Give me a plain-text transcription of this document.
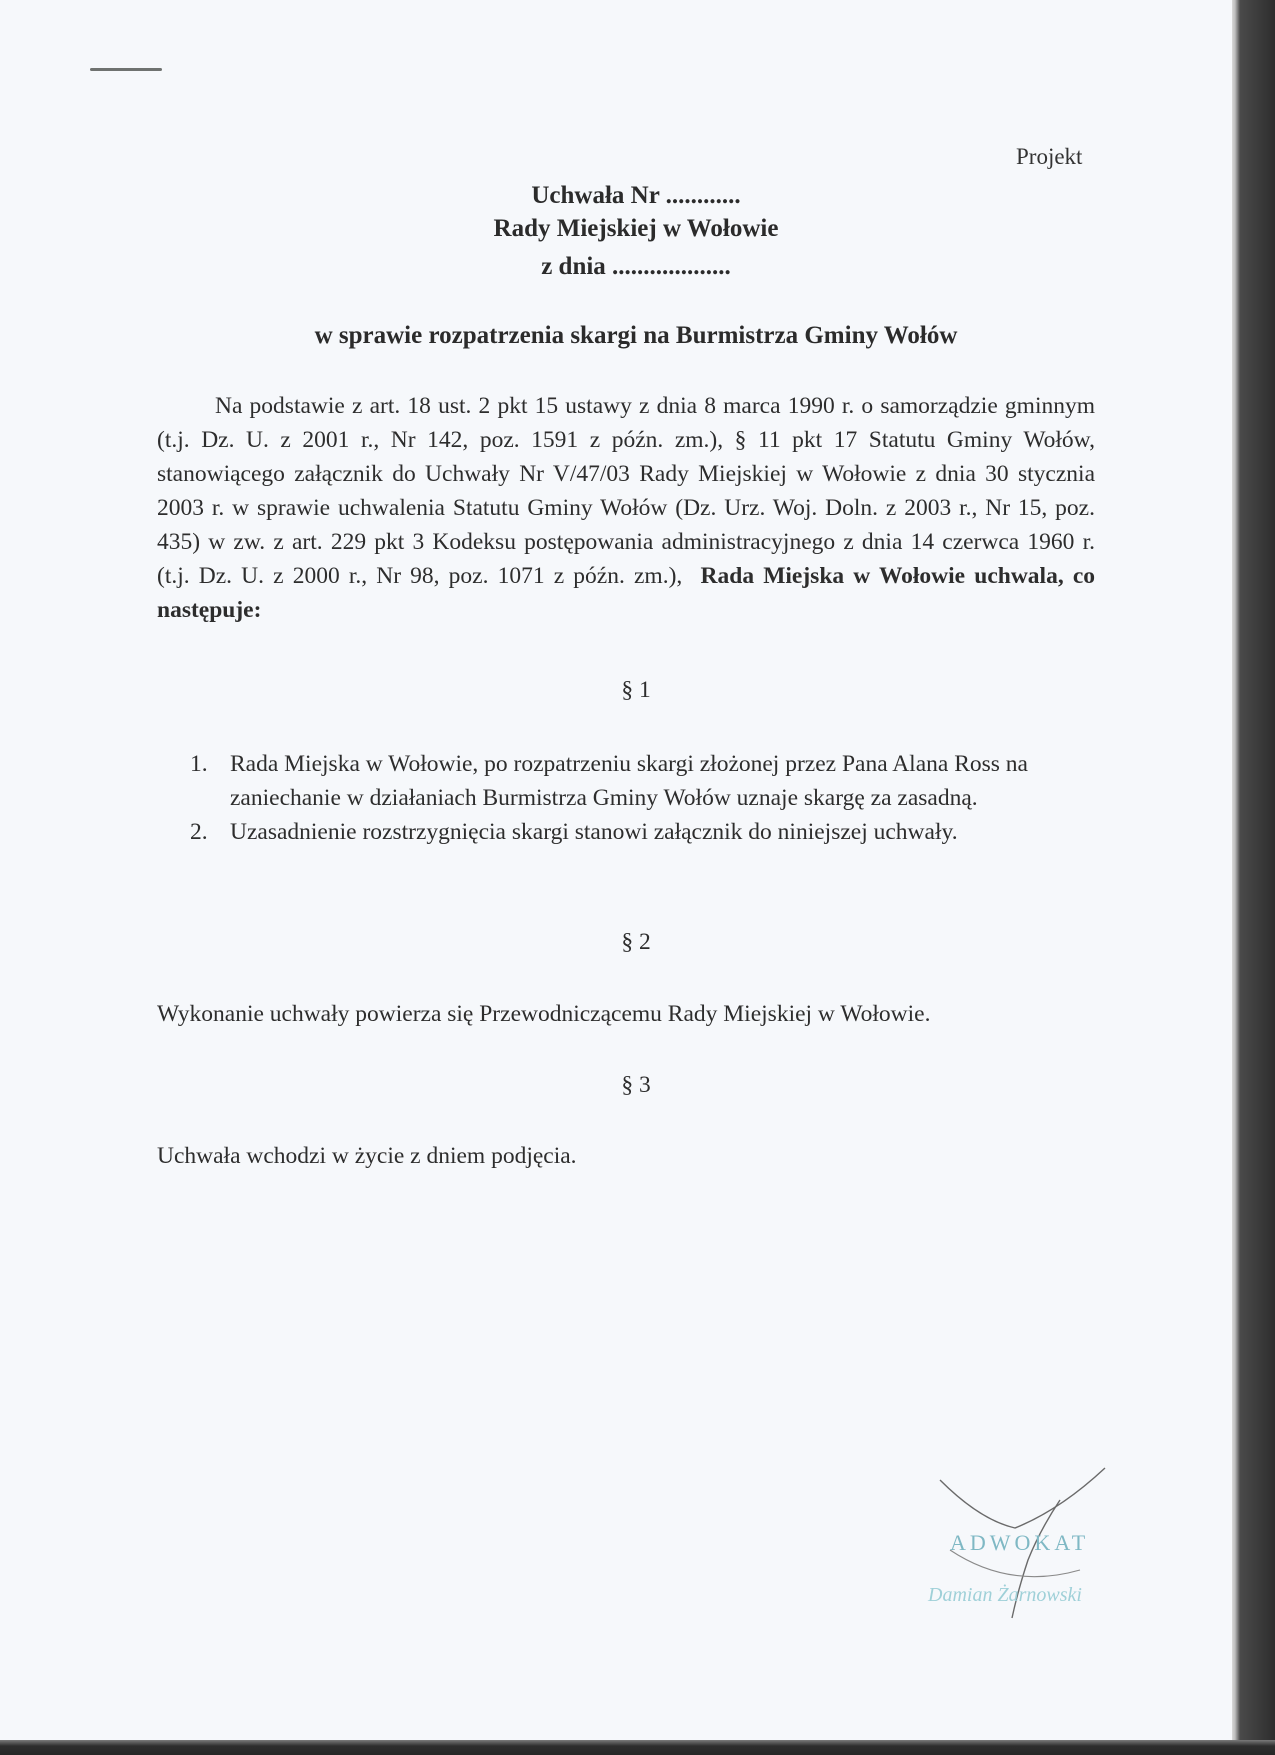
Projekt
Uchwała Nr ............
Rady Miejskiej w Wołowie
z dnia ...................
w sprawie rozpatrzenia skargi na Burmistrza Gminy Wołów
Na podstawie z art. 18 ust. 2 pkt 15 ustawy z dnia 8 marca 1990 r. o samorządzie gminnym (t.j. Dz. U. z 2001 r., Nr 142, poz. 1591 z późn. zm.), § 11 pkt 17 Statutu Gminy Wołów, stanowiącego załącznik do Uchwały Nr V/47/03 Rady Miejskiej w Wołowie z dnia 30 stycznia 2003 r. w sprawie uchwalenia Statutu Gminy Wołów (Dz. Urz. Woj. Doln. z 2003 r., Nr 15, poz. 435) w zw. z art. 229 pkt 3 Kodeksu postępowania administracyjnego z dnia 14 czerwca 1960 r. (t.j. Dz. U. z 2000 r., Nr 98, poz. 1071 z późn. zm.), Rada Miejska w Wołowie uchwala, co następuje:
§ 1
1. Rada Miejska w Wołowie, po rozpatrzeniu skargi złożonej przez Pana Alana Ross na zaniechanie w działaniach Burmistrza Gminy Wołów uznaje skargę za zasadną.
2. Uzasadnienie rozstrzygnięcia skargi stanowi załącznik do niniejszej uchwały.
§ 2
Wykonanie uchwały powierza się Przewodniczącemu Rady Miejskiej w Wołowie.
§ 3
Uchwała wchodzi w życie z dniem podjęcia.
ADWOKAT
Damian Żarnowski
